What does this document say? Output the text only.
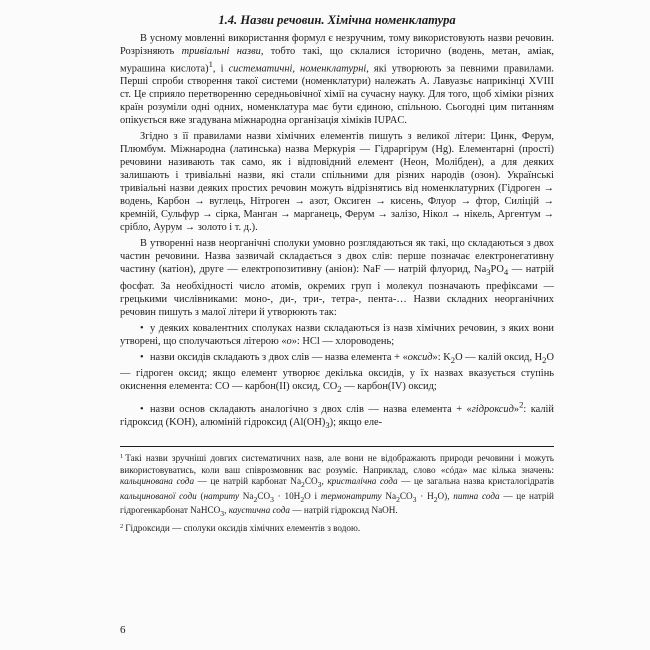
1.4. Назви речовин. Хімічна номенклатура

В усному мовленні використання формул є незручним, тому використовують назви речовин. Розрізняють тривіальні назви, тобто такі, що склалися історично (водень, метан, аміак, мурашина кислота)$^1$, і систематичні, номенклатурні, які утворюють за певними правилами. Перші спроби створення такої системи (номенклатури) належать А. Лавуазьє наприкінці XVIII ст. Це сприяло перетворенню середньовічної хімії на сучасну науку. Для того, щоб хіміки різних країн розуміли одні одних, номенклатура має бути єдиною, спільною. Сьогодні цим питанням опікується вже згадувана міжнародна організація хіміків IUPAC.

Згідно з її правилами назви хімічних елементів пишуть з великої літери: Цинк, Ферум, Плюмбум. Міжнародна (латинська) назва Меркурія — Гідраргірум (Hg). Елементарні (прості) речовини називають так само, як і відповідний елемент (Неон, Молібден), а для деяких залишають і тривіальні назви, які стали спільними для різних народів (озон). Українські тривіальні назви деяких простих речовин можуть відрізнятись від номенклатурних (Гідроген → водень, Карбон → вуглець, Нітроген → азот, Оксиген → кисень, Флуор → фтор, Силіцій → кремній, Сульфур → сірка, Манган → марганець, Ферум → залізо, Нікол → нікель, Аргентум → срібло, Аурум → золото і т. д.).

В утворенні назв неорганічні сполуки умовно розглядаються як такі, що складаються з двох частин речовини. Назва зазвичай складається з двох слів: перше позначає електронегативну частину (катіон), друге — електропозитивну (аніон): NaF — натрій флуорид, $Na_3PO_4$ — натрій фосфат. За необхідності число атомів, окремих груп і молекул позначають префіксами — грецькими числівниками: моно-, ди-, три-, тетра-, пента-… Назви складних неорганічних речовин пишуть з малої літери й утворюють так:

• у деяких ковалентних сполуках назви складаються із назв хімічних речовин, з яких вони утворені, що сполучаються літерою «о»: HCl — хлороводень;

• назви оксидів складають з двох слів — назва елемента + «оксид»: $K_2O$ — калій оксид, $H_2O$ — гідроген оксид; якщо елемент утворює декілька оксидів, у їх назвах вказується ступінь окиснення елемента: CO — карбон(II) оксид, $CO_2$ — карбон(IV) оксид;

• назви основ складають аналогічно з двох слів — назва елемента + «гідроксид»$^2$: калій гідроксид (KOH), алюміній гідроксид $(Al(OH)_3)$; якщо еле-

$^1$ Такі назви зручніші довгих систематичних назв, але вони не відображають природи речовини і можуть використовуватись, коли ваш співрозмовник вас розуміє. Наприклад, слово «сóда» має кілька значень: кальцинована сода — це натрій карбонат $Na_2CO_3$, кристалічна сода — це загальна назва кристалогідратів кальцинованої соди (натриту $Na_2CO_3 \cdot 10H_2O$ і термонатриту $Na_2CO_3 \cdot H_2O$), питна сода — це натрій гідрогенкарбонат NaHCO$_3$, каустична сода — натрій гідроксид NaOH.

$^2$ Гідроксиди — сполуки оксидів хімічних елементів з водою.

6
